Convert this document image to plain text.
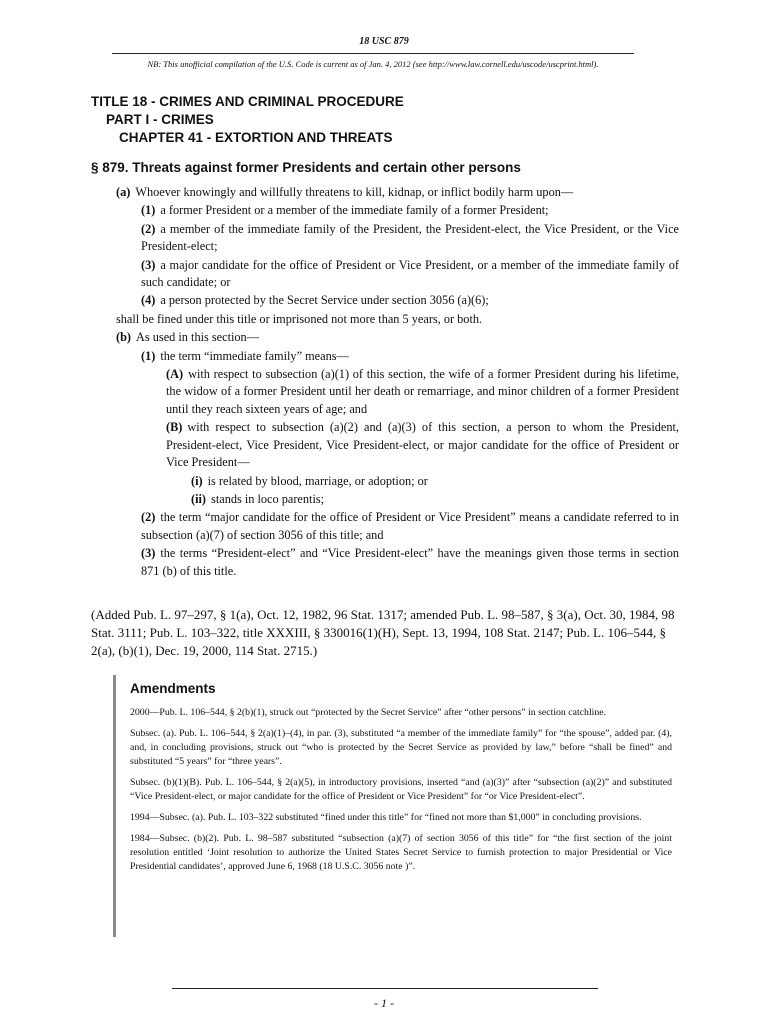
18 USC 879
NB: This unofficial compilation of the U.S. Code is current as of Jan. 4, 2012 (see http://www.law.cornell.edu/uscode/uscprint.html).
TITLE 18 - CRIMES AND CRIMINAL PROCEDURE
PART I - CRIMES
CHAPTER 41 - EXTORTION AND THREATS
§ 879. Threats against former Presidents and certain other persons

(a) Whoever knowingly and willfully threatens to kill, kidnap, or inflict bodily harm upon—

(1) a former President or a member of the immediate family of a former President;

(2) a member of the immediate family of the President, the President-elect, the Vice President, or the Vice President-elect;

(3) a major candidate for the office of President or Vice President, or a member of the immediate family of such candidate; or

(4) a person protected by the Secret Service under section 3056 (a)(6);

shall be fined under this title or imprisoned not more than 5 years, or both.

(b) As used in this section—

(1) the term “immediate family” means—

(A) with respect to subsection (a)(1) of this section, the wife of a former President during his lifetime, the widow of a former President until her death or remarriage, and minor children of a former President until they reach sixteen years of age; and

(B) with respect to subsection (a)(2) and (a)(3) of this section, a person to whom the President, President-elect, Vice President, Vice President-elect, or major candidate for the office of President or Vice President—

(i) is related by blood, marriage, or adoption; or

(ii) stands in loco parentis;

(2) the term “major candidate for the office of President or Vice President” means a candidate referred to in subsection (a)(7) of section 3056 of this title; and

(3) the terms “President-elect” and “Vice President-elect” have the meanings given those terms in section 871 (b) of this title.

(Added Pub. L. 97–297, § 1(a), Oct. 12, 1982, 96 Stat. 1317; amended Pub. L. 98–587, § 3(a), Oct. 30, 1984, 98 Stat. 3111; Pub. L. 103–322, title XXXIII, § 330016(1)(H), Sept. 13, 1994, 108 Stat. 2147; Pub. L. 106–544, § 2(a), (b)(1), Dec. 19, 2000, 114 Stat. 2715.)
Amendments

2000—Pub. L. 106–544, § 2(b)(1), struck out “protected by the Secret Service” after “other persons” in section catchline.

Subsec. (a). Pub. L. 106–544, § 2(a)(1)–(4), in par. (3), substituted “a member of the immediate family” for “the spouse”, added par. (4), and, in concluding provisions, struck out “who is protected by the Secret Service as provided by law,” before “shall be fined” and substituted “5 years” for “three years”.

Subsec. (b)(1)(B). Pub. L. 106–544, § 2(a)(5), in introductory provisions, inserted “and (a)(3)” after “subsection (a)(2)” and substituted “Vice President-elect, or major candidate for the office of President or Vice President” for “or Vice President-elect”.

1994—Subsec. (a). Pub. L. 103–322 substituted “fined under this title” for “fined not more than $1,000” in concluding provisions.

1984—Subsec. (b)(2). Pub. L. 98–587 substituted “subsection (a)(7) of section 3056 of this title” for “the first section of the joint resolution entitled ‘Joint resolution to authorize the United States Secret Service to furnish protection to major Presidential or Vice Presidential candidates’, approved June 6, 1968 (18 U.S.C. 3056 note )”.

- 1 -
